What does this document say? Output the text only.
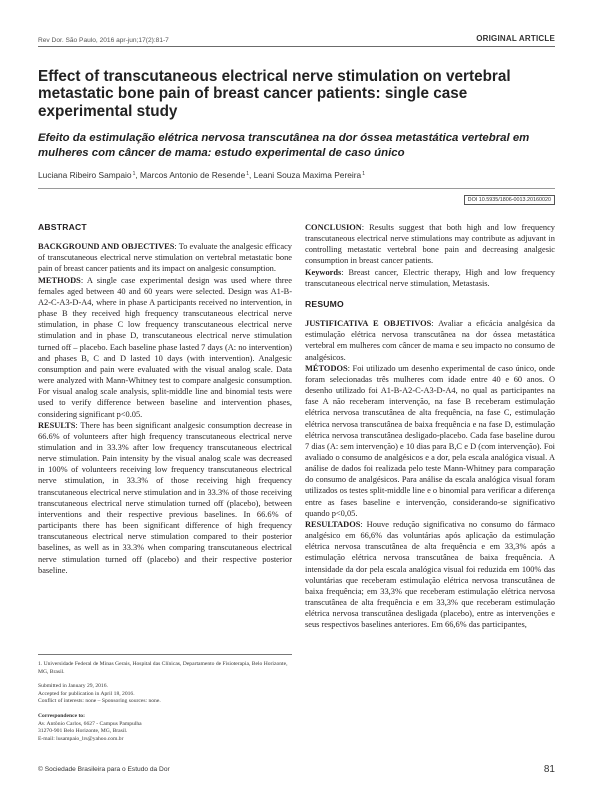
Rev Dor. São Paulo, 2016 apr-jun;17(2):81-7	ORIGINAL ARTICLE
Effect of transcutaneous electrical nerve stimulation on vertebral metastatic bone pain of breast cancer patients: single case experimental study
Efeito da estimulação elétrica nervosa transcutânea na dor óssea metastática vertebral em mulheres com câncer de mama: estudo experimental de caso único
Luciana Ribeiro Sampaio$^1$, Marcos Antonio de Resende$^1$, Leani Souza Maxima Pereira$^1$
DOI 10.5935/1806-0013.20160020
ABSTRACT

BACKGROUND AND OBJECTIVES: To evaluate the analgesic efficacy of transcutaneous electrical nerve stimulation on vertebral metastatic bone pain of breast cancer patients and its impact on analgesic consumption.

METHODS: A single case experimental design was used where three females aged between 40 and 60 years were selected. Design was A1-B-A2-C-A3-D-A4, where in phase A participants received no intervention, in phase B they received high frequency transcutaneous electrical nerve stimulation, in phase C low frequency transcutaneous electrical nerve stimulation and in phase D, transcutaneous electrical nerve stimulation turned off – placebo. Each baseline phase lasted 7 days (A: no intervention) and phases B, C and D lasted 10 days (with intervention). Analgesic consumption and pain were evaluated with the visual analog scale. Data were analyzed with Mann-Whitney test to compare analgesic consumption. For visual analog scale analysis, split-middle line and binomial tests were used to verify difference between baseline and intervention phases, considering significant p<0.05.

RESULTS: There has been significant analgesic consumption decrease in 66.6% of volunteers after high frequency transcutaneous electrical nerve stimulation and in 33.3% after low frequency transcutaneous electrical nerve stimulation. Pain intensity by the visual analog scale was decreased in 100% of volunteers receiving low frequency transcutaneous electrical nerve stimulation, in 33.3% of those receiving high frequency transcutaneous electrical nerve stimulation and in 33.3% of those receiving transcutaneous electrical nerve stimulation turned off (placebo), between interventions and their respective previous baselines. In 66.6% of participants there has been significant difference of high frequency transcutaneous electrical nerve stimulation compared to their posterior baselines, as well as in 33.3% when comparing transcutaneous electrical nerve stimulation turned off (placebo) and their respective posterior baseline.

CONCLUSION: Results suggest that both high and low frequency transcutaneous electrical nerve stimulations may contribute as adjuvant in controlling metastatic vertebral bone pain and decreasing analgesic consumption in breast cancer patients.

Keywords: Breast cancer, Electric therapy, High and low frequency transcutaneous electrical nerve stimulation, Metastasis.

RESUMO

JUSTIFICATIVA E OBJETIVOS: Avaliar a eficácia analgésica da estimulação elétrica nervosa transcutânea na dor óssea metastática vertebral em mulheres com câncer de mama e seu impacto no consumo de analgésicos.

MÉTODOS: Foi utilizado um desenho experimental de caso único, onde foram selecionadas três mulheres com idade entre 40 e 60 anos. O desenho utilizado foi A1-B-A2-C-A3-D-A4, no qual as participantes na fase A não receberam intervenção, na fase B receberam estimulação elétrica nervosa transcutânea de alta frequência, na fase C, estimulação elétrica nervosa transcutânea de baixa frequência e na fase D, estimulação elétrica nervosa transcutânea desligado-placebo. Cada fase baseline durou 7 dias (A: sem intervenção) e 10 dias para B,C e D (com intervenção). Foi avaliado o consumo de analgésicos e a dor, pela escala analógica visual. A análise de dados foi realizada pelo teste Mann-Whitney para comparação do consumo de analgésicos. Para análise da escala analógica visual foram utilizados os testes split-middle line e o binomial para verificar a diferença entre as fases baseline e intervenção, considerando-se significativo quando p<0,05.

RESULTADOS: Houve redução significativa no consumo do fármaco analgésico em 66,6% das voluntárias após aplicação da estimulação elétrica nervosa transcutânea de alta frequência e em 33,3% após a estimulação elétrica nervosa transcutânea de baixa frequência. A intensidade da dor pela escala analógica visual foi reduzida em 100% das voluntárias que receberam estimulação elétrica nervosa transcutânea de baixa frequência; em 33,3% que receberam estimulação elétrica nervosa transcutânea de alta frequência e em 33,3% que receberam estimulação elétrica nervosa transcutânea desligada (placebo), entre as intervenções e seus respectivos baselines anteriores. Em 66,6% das participantes,

1. Universidade Federal de Minas Gerais, Hospital das Clínicas, Departamento de Fisioterapia, Belo Horizonte, MG, Brasil.

Submitted in January 29, 2016.

Accepted for publication in April 18, 2016.

Conflict of interests: none – Sponsoring sources: none.

Correspondence to:

Av. Antônio Carlos, 6627 - Campus Pampulha

31270-901 Belo Horizonte, MG, Brasil.

E-mail: lusampaio_lrs@yahoo.com.br

© Sociedade Brasileira para o Estudo da Dor	81
